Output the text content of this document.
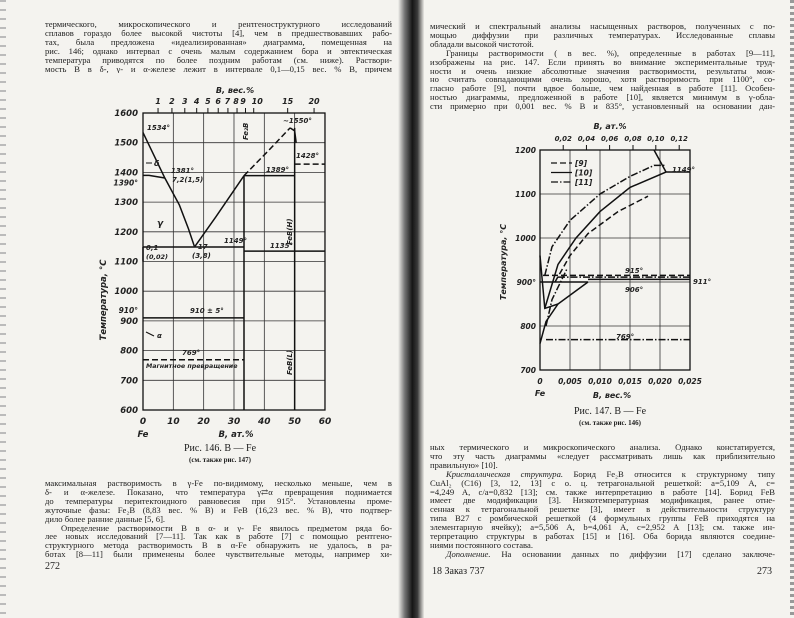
термического, микроскопического и рентгеноструктурного исследований
сплавов гораздо более высокой чистоты [4], чем в предшествовавших рабо-
тах, была предложена «идеализированная» диаграмма, помещенная на
рис. 146; однако интервал с очень малым содержанием бора и эвтектическая
температура приводятся по более поздним работам (см. ниже). Раствори-
мость B в δ-, γ- и α-железе лежит в интервале 0,1—0,15 вес. % B, причем
Рис. 146. B — Fe
(см. также рис. 147)
максимальная растворимость в γ-Fe по-видимому, несколько меньше, чем в
δ- и α-железе. Показано, что температура γ⇄α превращения поднимается
до температуры перитектоидного равновесия при 915°. Установлены проме-
жуточные фазы: Fe₂B (8,83 вес. % B) и FeB (16,23 вес. % B), что подтвер-
дило более ранние данные [5, 6].
Определение растворимости B в α- и γ- Fe явилось предметом ряда бо-
лее новых исследований [7—11]. Так как в работе [7] с помощью рентгено-
структурного метода растворимость B в α-Fe обнаружить не удалось, в ра-
ботах [8—11] были применены более чувствительные методы, например хи-
272
мический и спектральный анализы насыщенных растворов, полученных с по-
мощью диффузии при различных температурах. Исследованные сплавы
обладали высокой чистотой.
Границы растворимости ( в вес. %), определенные в работах [9—11],
изображены на рис. 147. Если принять во внимание экспериментальные труд-
ности и очень низкие абсолютные значения растворимости, результаты мож-
но считать совпадающими очень хорошо, хотя растворимость при 1100°, со-
гласно работе [9], почти вдвое больше, чем найденная в работе [11]. Особен-
ностью диаграммы, предложенной в работе [10], является минимум в γ-обла-
сти примерно при 0,001 вес. % B и 835°, установленный на основании дан-
Рис. 147. B — Fe
(см. также рис. 146)
ных термического и микроскопического анализа. Однако констатируется,
что эту часть диаграммы «следует рассматривать лишь как приблизительно
правильную» [10].
Кристаллическая структура. Борид Fe₂B относится к структурному типу
CuAl₂ (C16) [3, 12, 13] с о. ц. тетрагональной решеткой: a=5,109 A, c=
=4,249 A, c/a=0,832 [13]; см. также интерпретацию в работе [14]. Борид FeB
имеет две модификации [3]. Низкотемпературная модификация, ранее отне-
сенная к тетрагональной решетке [3], имеет в действительности структуру
типа B27 с ромбической решеткой (4 формульных группы FeB приходятся на
элементарную ячейку); a=5,506 A, b=4,061 A, c=2,952 A [13]; см. также ин-
терпретацию структуры в работах [15] и [16]. Оба борида являются соедине-
ниями постоянного состава.
Дополнение. На основании данных по диффузии [17] сделано заключе-
18 Заказ 737	273
1 2 3 4 5 6 7 8 9 10 15 20
0 10 20 30 40 50 60
600
700
800
900
1000
1100
1200
1300
1400
1500
1600
910°
1390°
Fe	B, ат.%
B, вес.%
Температура, °C
1534°
1381°
7,2(1,5)
~1550°
1428°
1389°
Fe₂B
FeB(H)
1149°
~17
(3,8)
0,1
(0,02)
1135°
δ
γ
910 ± 5°
α
769°
Магнитное превращение	FeB(L)
0,02 0,04 0,06 0,08 0,10 0,12
0 0,005 0,010 0,015 0,020 0,025
700
800
900°
1000
1100
1200
Fe	B, вес.%
B, ат.%
Температура, °C
[9]
[10]
[11]
1149°
915°
911°
906°
769°
